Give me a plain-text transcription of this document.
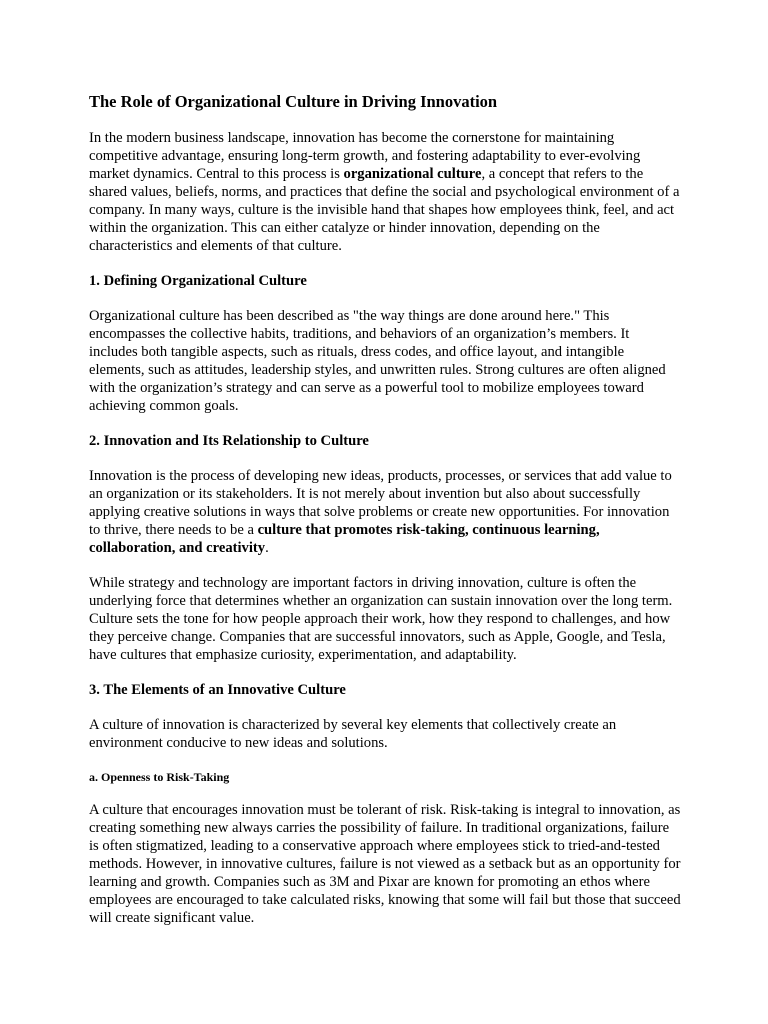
The Role of Organizational Culture in Driving Innovation

In the modern business landscape, innovation has become the cornerstone for maintaining competitive advantage, ensuring long-term growth, and fostering adaptability to ever-evolving market dynamics. Central to this process is organizational culture, a concept that refers to the shared values, beliefs, norms, and practices that define the social and psychological environment of a company. In many ways, culture is the invisible hand that shapes how employees think, feel, and act within the organization. This can either catalyze or hinder innovation, depending on the characteristics and elements of that culture.

1. Defining Organizational Culture

Organizational culture has been described as "the way things are done around here." This encompasses the collective habits, traditions, and behaviors of an organization’s members. It includes both tangible aspects, such as rituals, dress codes, and office layout, and intangible elements, such as attitudes, leadership styles, and unwritten rules. Strong cultures are often aligned with the organization’s strategy and can serve as a powerful tool to mobilize employees toward achieving common goals.

2. Innovation and Its Relationship to Culture

Innovation is the process of developing new ideas, products, processes, or services that add value to an organization or its stakeholders. It is not merely about invention but also about successfully applying creative solutions in ways that solve problems or create new opportunities. For innovation to thrive, there needs to be a culture that promotes risk-taking, continuous learning, collaboration, and creativity.

While strategy and technology are important factors in driving innovation, culture is often the underlying force that determines whether an organization can sustain innovation over the long term. Culture sets the tone for how people approach their work, how they respond to challenges, and how they perceive change. Companies that are successful innovators, such as Apple, Google, and Tesla, have cultures that emphasize curiosity, experimentation, and adaptability.

3. The Elements of an Innovative Culture

A culture of innovation is characterized by several key elements that collectively create an environment conducive to new ideas and solutions.

a. Openness to Risk-Taking

A culture that encourages innovation must be tolerant of risk. Risk-taking is integral to innovation, as creating something new always carries the possibility of failure. In traditional organizations, failure is often stigmatized, leading to a conservative approach where employees stick to tried-and-tested methods. However, in innovative cultures, failure is not viewed as a setback but as an opportunity for learning and growth. Companies such as 3M and Pixar are known for promoting an ethos where employees are encouraged to take calculated risks, knowing that some will fail but those that succeed will create significant value.
